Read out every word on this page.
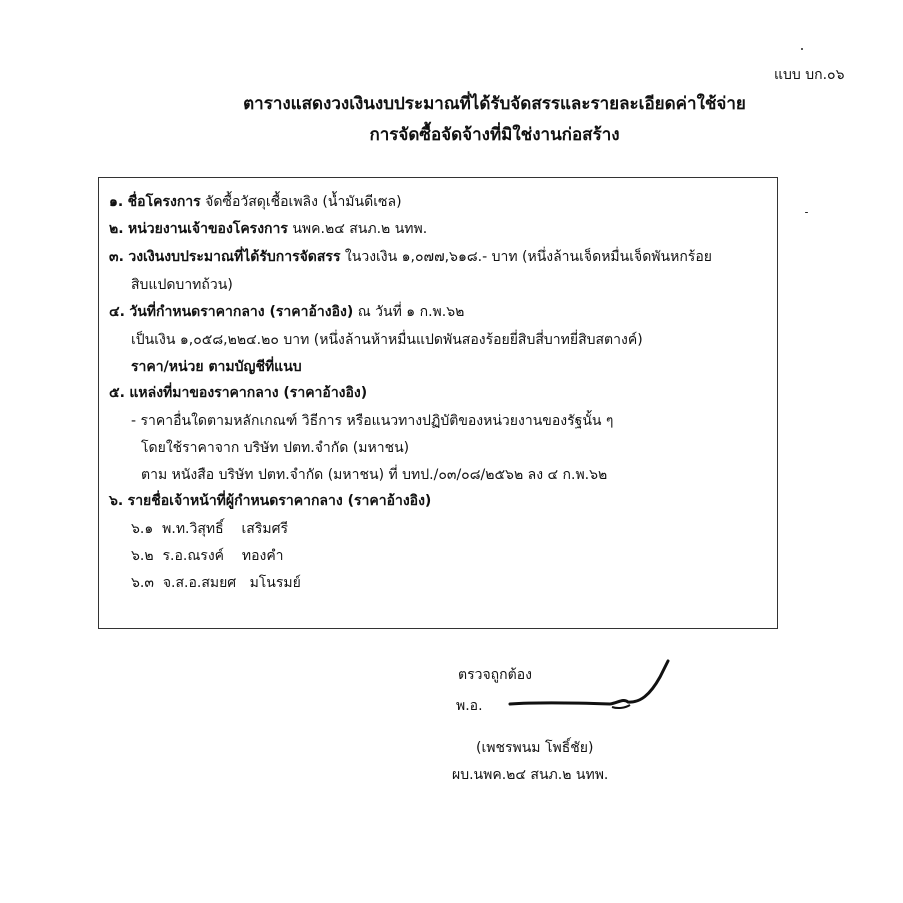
แบบ บก.๐๖
ตารางแสดงวงเงินงบประมาณที่ได้รับจัดสรรและรายละเอียดค่าใช้จ่าย
การจัดซื้อจัดจ้างที่มิใช่งานก่อสร้าง
๑. ชื่อโครงการ จัดซื้อวัสดุเชื้อเพลิง (น้ำมันดีเซล)
๒. หน่วยงานเจ้าของโครงการ นพค.๒๔ สนภ.๒ นทพ.
๓. วงเงินงบประมาณที่ได้รับการจัดสรร ในวงเงิน ๑,๐๗๗,๖๑๘.- บาท (หนึ่งล้านเจ็ดหมื่นเจ็ดพันหกร้อย
สิบแปดบาทถ้วน)
๔. วันที่กำหนดราคากลาง (ราคาอ้างอิง) ณ วันที่ ๑ ก.พ.๖๒
เป็นเงิน ๑,๐๕๘,๒๒๔.๒๐ บาท (หนึ่งล้านห้าหมื่นแปดพันสองร้อยยี่สิบสี่บาทยี่สิบสตางค์)
ราคา/หน่วย ตามบัญชีที่แนบ
๕. แหล่งที่มาของราคากลาง (ราคาอ้างอิง)
- ราคาอื่นใดตามหลักเกณฑ์ วิธีการ หรือแนวทางปฏิบัติของหน่วยงานของรัฐนั้น ๆ
โดยใช้ราคาจาก บริษัท ปตท.จำกัด (มหาชน)
ตาม หนังสือ บริษัท ปตท.จำกัด (มหาชน) ที่ บทป./๐๓/๐๘/๒๕๖๒ ลง ๔ ก.พ.๖๒
๖. รายชื่อเจ้าหน้าที่ผู้กำหนดราคากลาง (ราคาอ้างอิง)
๖.๑ พ.ท.วิสุทธิ์ เสริมศรี
๖.๒ ร.อ.ณรงค์ ทองคำ
๖.๓ จ.ส.อ.สมยศ มโนรมย์
ตรวจถูกต้อง
พ.อ.
(เพชรพนม โพธิ์ชัย)
ผบ.นพค.๒๔ สนภ.๒ นทพ.
